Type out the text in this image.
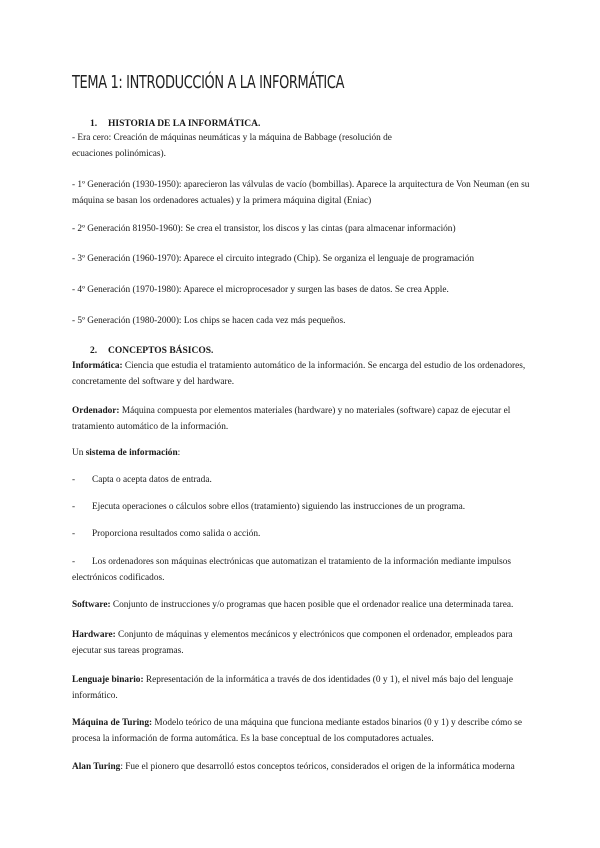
TEMA 1: INTRODUCCIÓN A LA INFORMÁTICA
1. HISTORIA DE LA INFORMÁTICA.

- Era cero: Creación de máquinas neumáticas y la máquina de Babbage (resolución de ecuaciones polinómicas).

- 1º Generación (1930-1950): aparecieron las válvulas de vacío (bombillas). Aparece la arquitectura de Von Neuman (en su máquina se basan los ordenadores actuales) y la primera máquina digital (Eniac)

- 2º Generación 81950-1960): Se crea el transistor, los discos y las cintas (para almacenar información)

- 3º Generación (1960-1970): Aparece el circuito integrado (Chip). Se organiza el lenguaje de programación

- 4º Generación (1970-1980): Aparece el microprocesador y surgen las bases de datos. Se crea Apple.

- 5º Generación (1980-2000): Los chips se hacen cada vez más pequeños.

2. CONCEPTOS BÁSICOS.

Informática: Ciencia que estudia el tratamiento automático de la información. Se encarga del estudio de los ordenadores, concretamente del software y del hardware.

Ordenador: Máquina compuesta por elementos materiales (hardware) y no materiales (software) capaz de ejecutar el tratamiento automático de la información.

Un sistema de información:

-	Capta o acepta datos de entrada.
-	Ejecuta operaciones o cálculos sobre ellos (tratamiento) siguiendo las instrucciones de un programa.
-	Proporciona resultados como salida o acción.
-	Los ordenadores son máquinas electrónicas que automatizan el tratamiento de la información mediante impulsos electrónicos codificados.

Software: Conjunto de instrucciones y/o programas que hacen posible que el ordenador realice una determinada tarea.

Hardware: Conjunto de máquinas y elementos mecánicos y electrónicos que componen el ordenador, empleados para ejecutar sus tareas programas.

Lenguaje binario: Representación de la informática a través de dos identidades (0 y 1), el nivel más bajo del lenguaje informático.

Máquina de Turing: Modelo teórico de una máquina que funciona mediante estados binarios (0 y 1) y describe cómo se procesa la información de forma automática. Es la base conceptual de los computadores actuales.

Alan Turing: Fue el pionero que desarrolló estos conceptos teóricos, considerados el origen de la informática moderna
